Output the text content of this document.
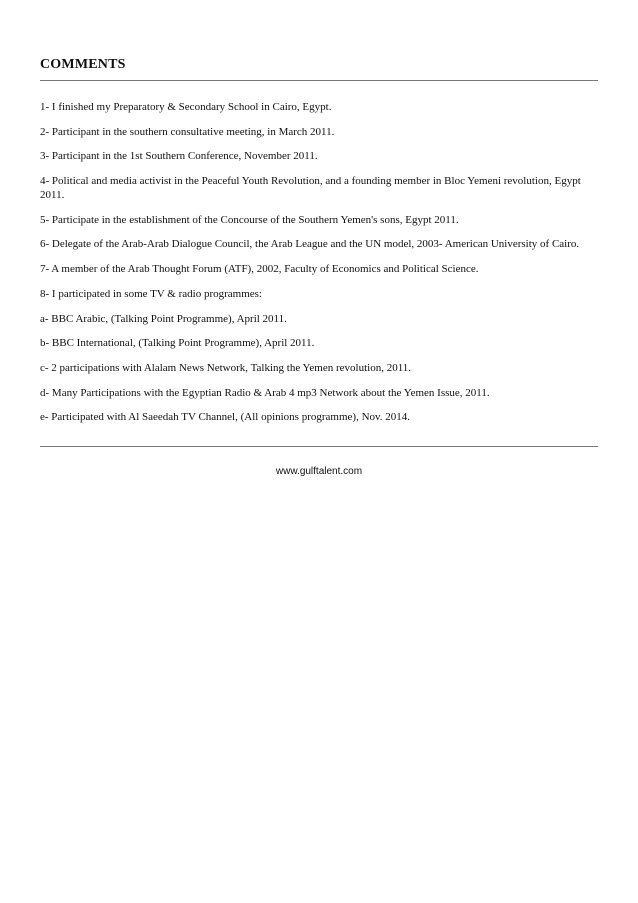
COMMENTS

1- I finished my Preparatory & Secondary School in Cairo, Egypt.

2- Participant in the southern consultative meeting, in March 2011.

3- Participant in the 1st Southern Conference, November 2011.

4- Political and media activist in the Peaceful Youth Revolution, and a founding member in Bloc Yemeni revolution, Egypt 2011.

5- Participate in the establishment of the Concourse of the Southern Yemen's sons, Egypt 2011.

6- Delegate of the Arab-Arab Dialogue Council, the Arab League and the UN model, 2003- American University of Cairo.

7- A member of the Arab Thought Forum (ATF), 2002, Faculty of Economics and Political Science.

8- I participated in some TV & radio programmes:

a- BBC Arabic, (Talking Point Programme), April 2011.

b- BBC International, (Talking Point Programme), April 2011.

c- 2 participations with Alalam News Network, Talking the Yemen revolution, 2011.

d- Many Participations with the Egyptian Radio & Arab 4 mp3 Network about the Yemen Issue, 2011.

e- Participated with Al Saeedah TV Channel, (All opinions programme), Nov. 2014.

www.gulftalent.com
